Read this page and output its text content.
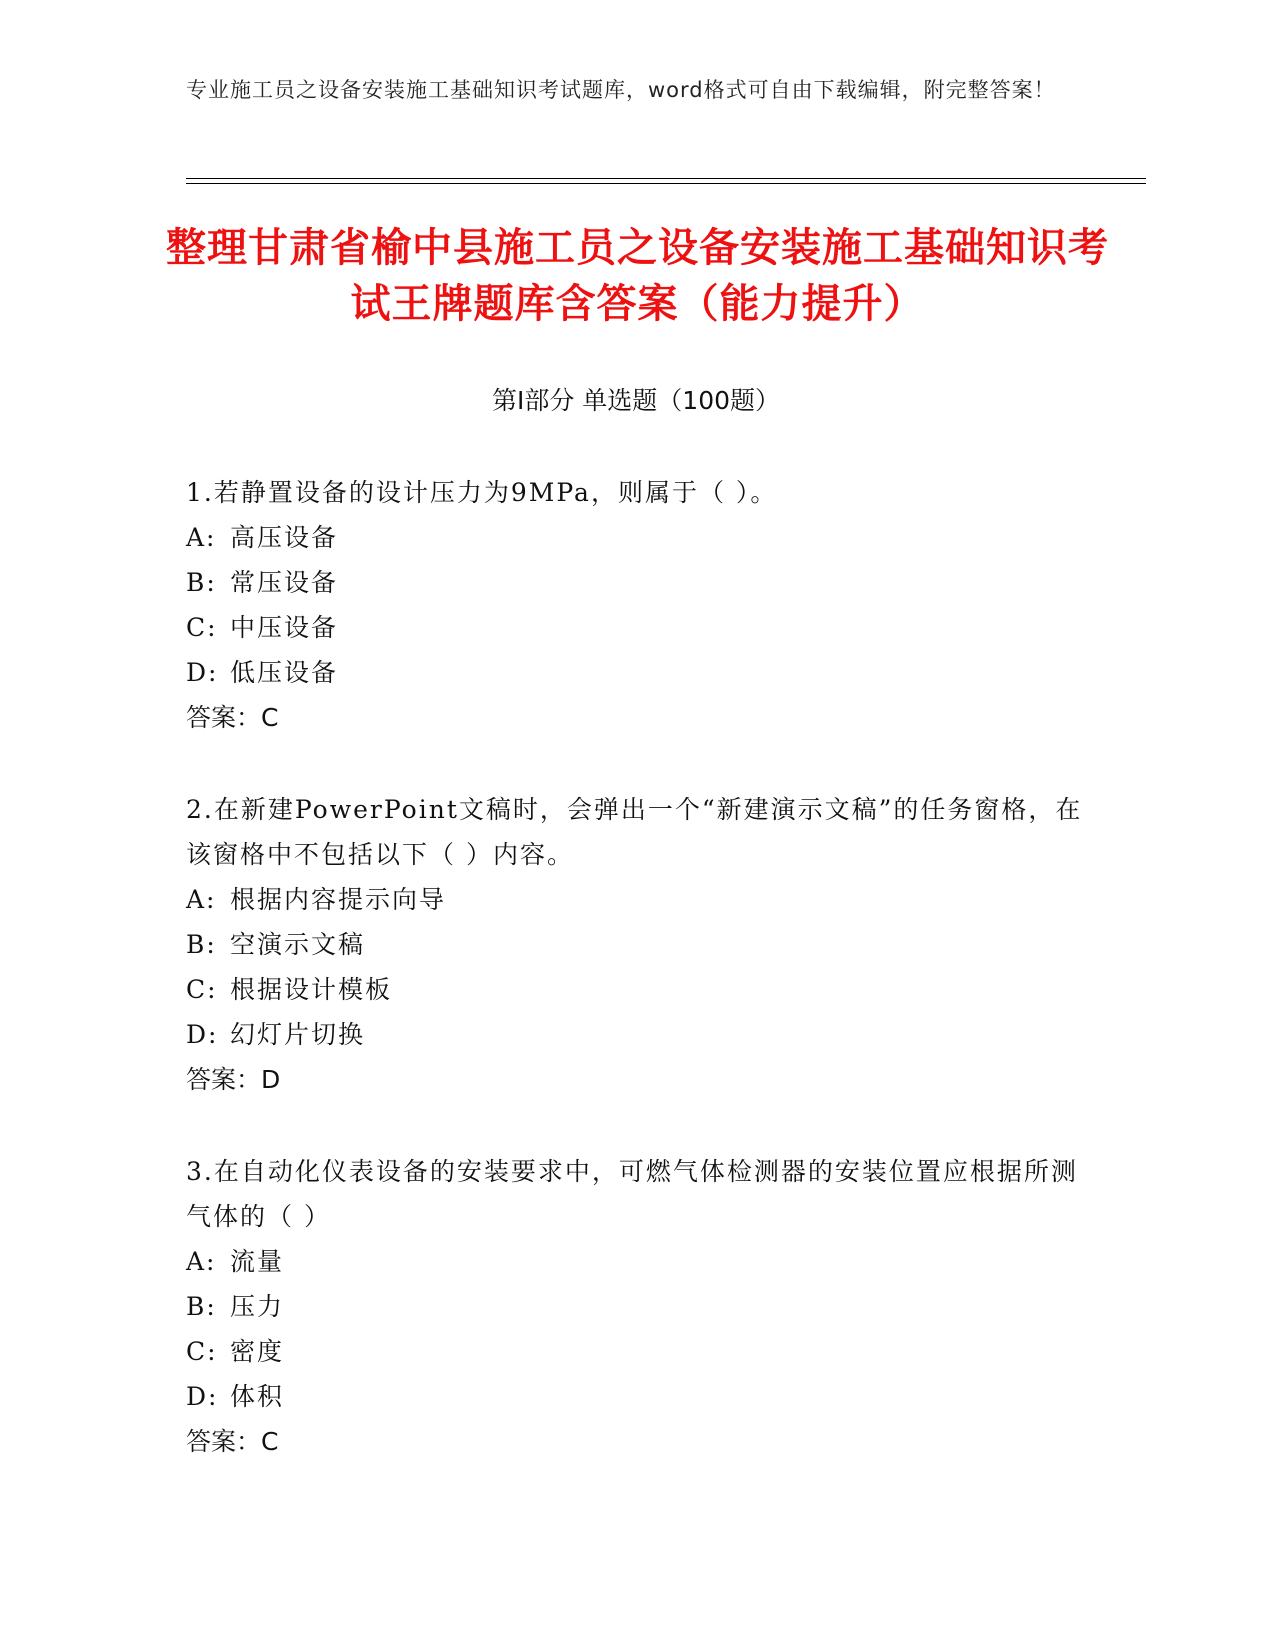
专业施工员之设备安装施工基础知识考试题库，word格式可自由下载编辑，附完整答案！
整理甘肃省榆中县施工员之设备安装施工基础知识考试王牌题库含答案（能力提升）
第Ⅰ部分 单选题（100题）
1.若静置设备的设计压力为9MPa，则属于（ ）。
A: 高压设备
B: 常压设备
C: 中压设备
D: 低压设备
答案：C
2.在新建PowerPoint文稿时，会弹出一个“新建演示文稿”的任务窗格，在该窗格中不包括以下（ ）内容。
A: 根据内容提示向导
B: 空演示文稿
C: 根据设计模板
D: 幻灯片切换
答案：D
3.在自动化仪表设备的安装要求中，可燃气体检测器的安装位置应根据所测气体的（ ）
A: 流量
B: 压力
C: 密度
D: 体积
答案：C
